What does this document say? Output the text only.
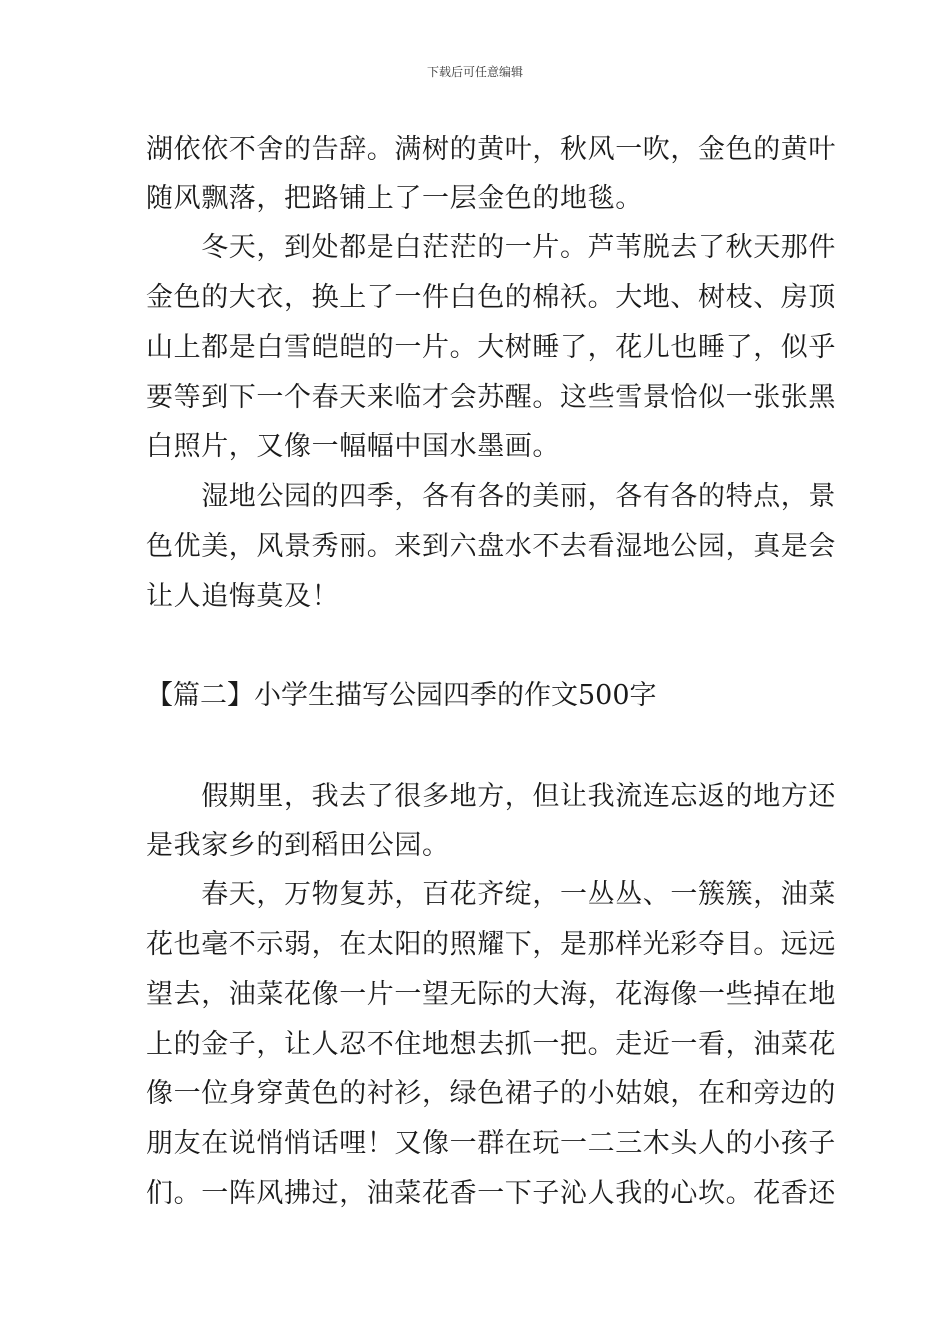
下载后可任意编辑
湖依依不舍的告辞。满树的黄叶，秋风一吹，金色的黄叶
随风飘落，把路铺上了一层金色的地毯。
　　冬天，到处都是白茫茫的一片。芦苇脱去了秋天那件
金色的大衣，换上了一件白色的棉袄。大地、树枝、房顶
山上都是白雪皑皑的一片。大树睡了，花儿也睡了，似乎
要等到下一个春天来临才会苏醒。这些雪景恰似一张张黑
白照片，又像一幅幅中国水墨画。
　　湿地公园的四季，各有各的美丽，各有各的特点，景
色优美，风景秀丽。来到六盘水不去看湿地公园，真是会
让人追悔莫及！
【篇二】小学生描写公园四季的作文500字
　　假期里，我去了很多地方，但让我流连忘返的地方还
是我家乡的到稻田公园。
　　春天，万物复苏，百花齐绽，一丛丛、一簇簇，油菜
花也毫不示弱，在太阳的照耀下，是那样光彩夺目。远远
望去，油菜花像一片一望无际的大海，花海像一些掉在地
上的金子，让人忍不住地想去抓一把。走近一看，油菜花
像一位身穿黄色的衬衫，绿色裙子的小姑娘，在和旁边的
朋友在说悄悄话哩！又像一群在玩一二三木头人的小孩子
们。一阵风拂过，油菜花香一下子沁人我的心坎。花香还
